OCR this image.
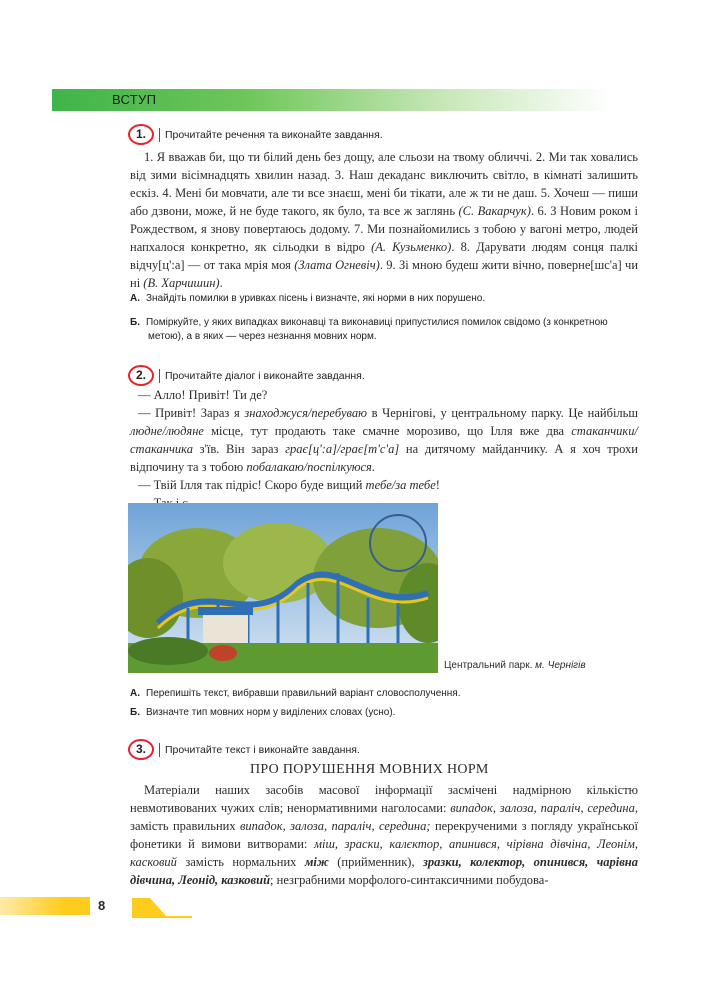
ВСТУП
1.	Прочитайте речення та виконайте завдання.
1. Я вважав би, що ти білий день без дощу, але сльози на твому обличчі. 2. Ми так ховались від зими вісімнадцять хвилин назад. 3. Наш декаданс виключить світло, в кімнаті залишить ескіз. 4. Мені би мовчати, але ти все знаєш, мені би тікати, але ж ти не даш. 5. Хочеш — пиши або дзвони, може, й не буде такого, як було, та все ж заглянь (С. Вакарчук). 6. З Новим роком і Рождеством, я знову повертаюсь додому. 7. Ми познайомились з тобою у вагоні метро, людей напхалося конкретно, як сільодки в відро (А. Кузьменко). 8. Дарувати людям сонця палкі відчу[ц':а] — от така мрія моя (Злата Огневіч). 9. Зі мною будеш жити вічно, поверне[шс'а] чи ні (В. Харчишин).
А. Знайдіть помилки в уривках пісень і визначте, які норми в них порушено.
Б. Поміркуйте, у яких випадках виконавці та виконавиці припустилися помилок свідомо (з конкретною метою), а в яких — через незнання мовних норм.
2.	Прочитайте діалог і виконайте завдання.
— Алло! Привіт! Ти де?
— Привіт! Зараз я знаходжуся/перебуваю в Чернігові, у центральному парку. Це найбільш людне/людяне місце, тут продають таке смачне морозиво, що Ілля вже два стаканчики/стаканчика з'їв. Він зараз грає[ц':а]/грає[т'с'а] на дитячому майданчику. А я хоч трохи відпочину та з тобою побалакаю/поспілкуюся.
— Твій Ілля так підріс! Скоро буде вищий тебе/за тебе!
Центральний парк. м. Чернігів
А. Перепишіть текст, вибравши правильний варіант словосполучення.
Б. Визначте тип мовних норм у виділених словах (усно).
3.	Прочитайте текст і виконайте завдання.
ПРО ПОРУШЕННЯ МОВНИХ НОРМ
Матеріали наших засобів масової інформації засмічені надмірною кількістю невмотивованих чужих слів; ненормативними наголосами: випадок, залоза, параліч, середина, замість правильних випадок, залоза, параліч, середина; перекрученими з погляду української фонетики й вимови витворами: міш, зраски, калєктор, апинився, чірівна дівчіна, Леонім, касковий замість нормальних між (прийменник), зразки, колектор, опинився, чарівна дівчина, Леонід, казковий; незграбними морфолого-синтаксичними побудова-
8
